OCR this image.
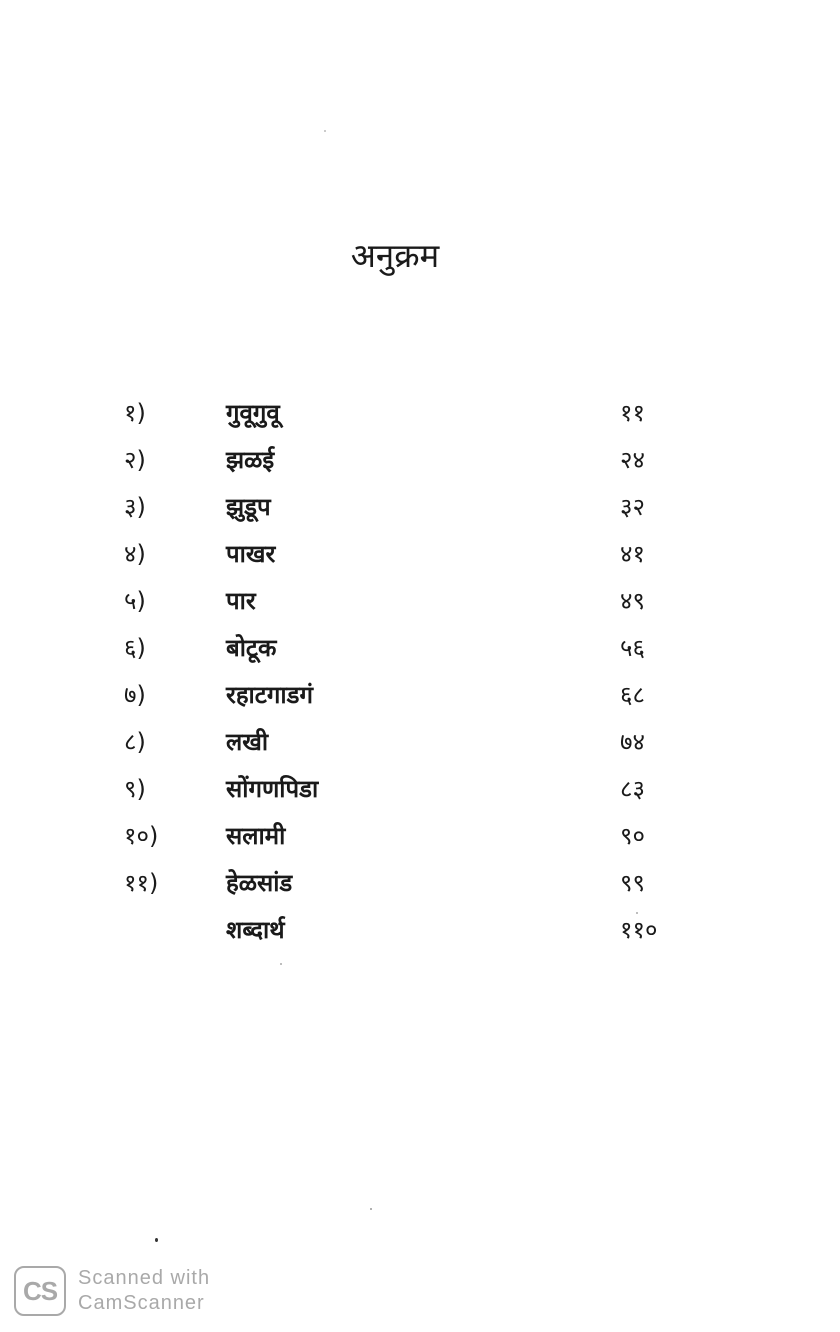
अनुक्रम
१)	गुवूगुवू	११
२)	झळई	२४
३)	झुडूप	३२
४)	पाखर	४१
५)	पार	४९
६)	बोटूक	५६
७)	रहाटगाडगं	६८
८)	लखी	७४
९)	सोंगणपिडा	८३
१०)	सलामी	९०
११)	हेळसांड	९९
शब्दार्थ	११०
CS	Scanned with
CamScanner
